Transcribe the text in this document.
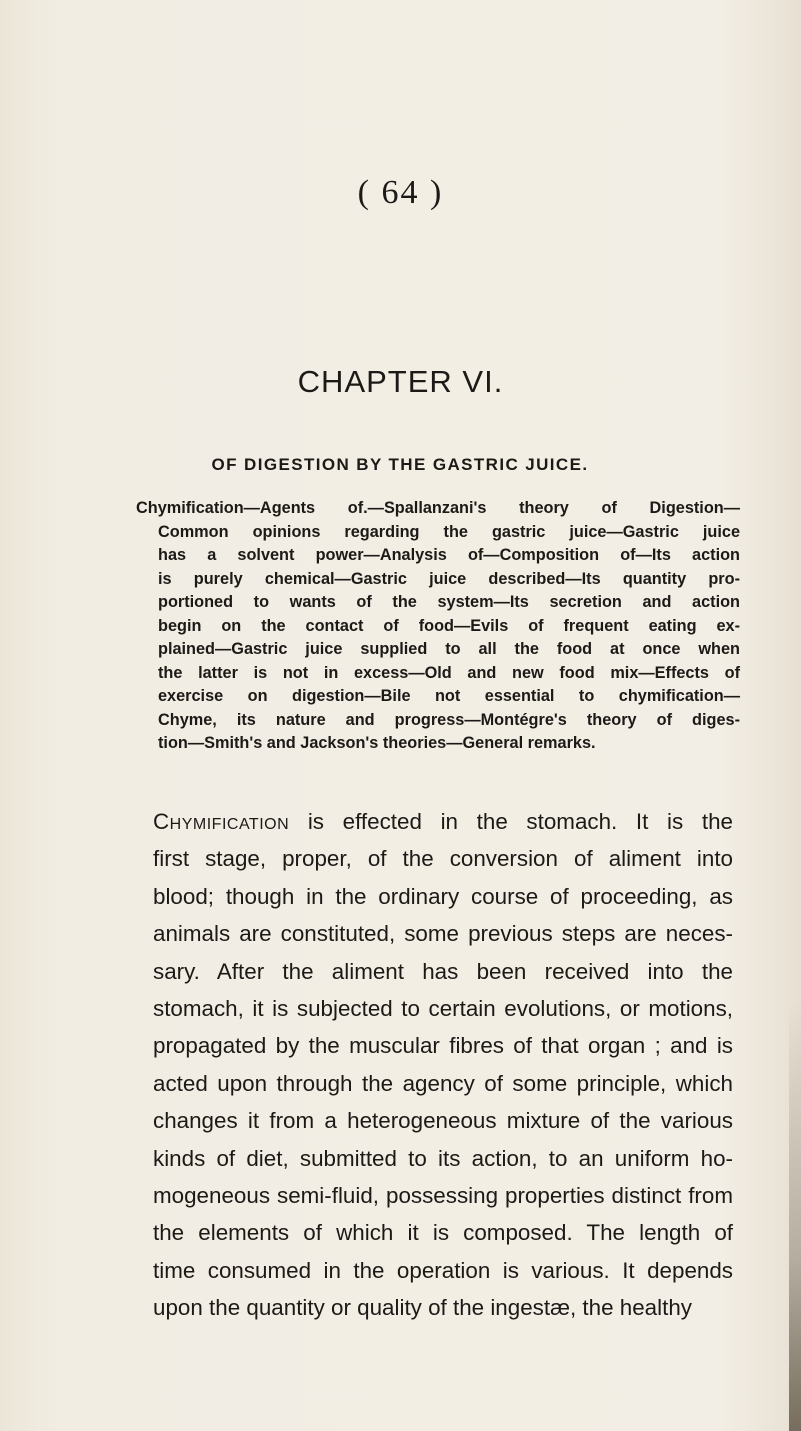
( 64 )
CHAPTER VI.
OF DIGESTION BY THE GASTRIC JUICE.
Chymification—Agents of.—Spallanzani's theory of Digestion—
Common opinions regarding the gastric juice—Gastric juice
has a solvent power—Analysis of—Composition of—Its action
is purely chemical—Gastric juice described—Its quantity pro-
portioned to wants of the system—Its secretion and action
begin on the contact of food—Evils of frequent eating ex-
plained—Gastric juice supplied to all the food at once when
the latter is not in excess—Old and new food mix—Effects of
exercise on digestion—Bile not essential to chymification—
Chyme, its nature and progress—Montégre's theory of diges-
tion—Smith's and Jackson's theories—General remarks.
Chymification is effected in the stomach. It is the
first stage, proper, of the conversion of aliment into
blood; though in the ordinary course of proceeding, as
animals are constituted, some previous steps are neces-
sary. After the aliment has been received into the
stomach, it is subjected to certain evolutions, or motions,
propagated by the muscular fibres of that organ ; and is
acted upon through the agency of some principle, which
changes it from a heterogeneous mixture of the various
kinds of diet, submitted to its action, to an uniform ho-
mogeneous semi-fluid, possessing properties distinct from
the elements of which it is composed. The length of
time consumed in the operation is various. It depends
upon the quantity or quality of the ingestæ, the healthy
